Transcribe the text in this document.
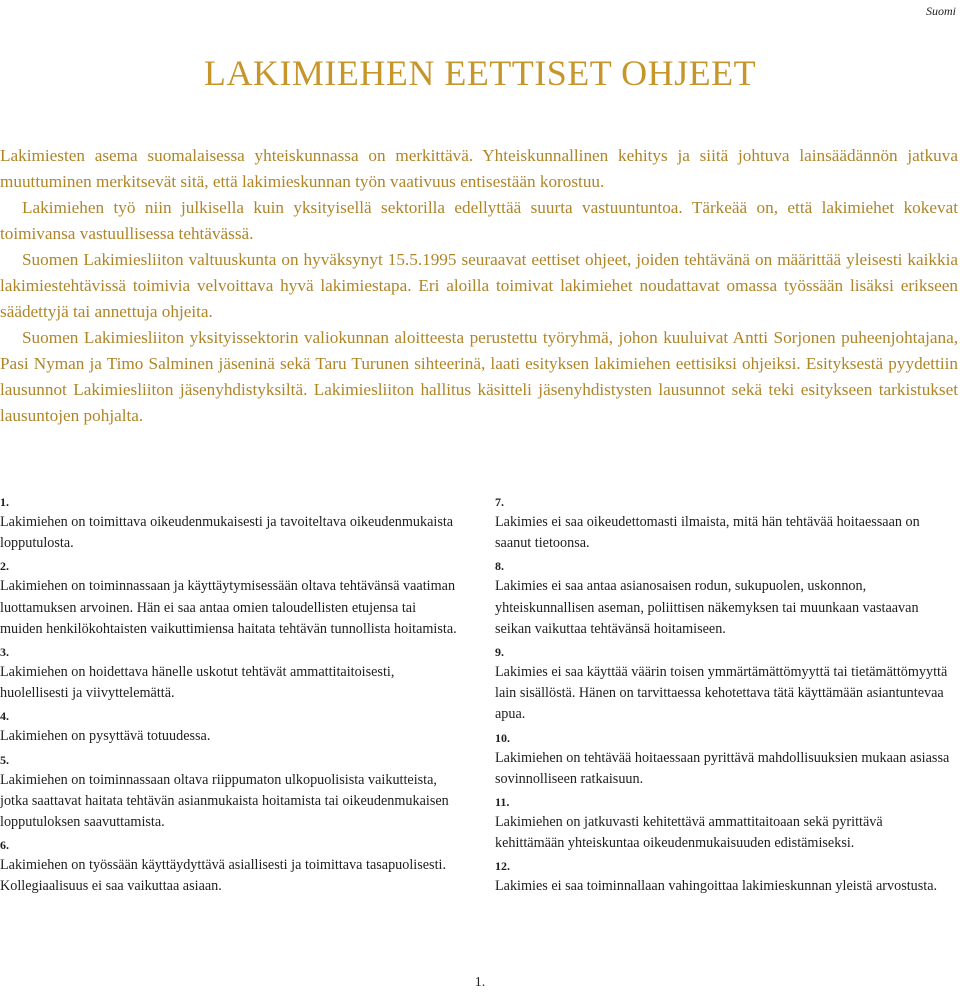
Suomi
LAKIMIEHEN EETTISET OHJEET

Lakimiesten asema suomalaisessa yhteiskunnassa on merkittävä. Yhteiskunnallinen kehitys ja siitä johtuva lainsäädännön jatkuva muuttuminen merkitsevät sitä, että lakimieskunnan työn vaativuus entisestään korostuu.

Lakimiehen työ niin julkisella kuin yksityisellä sektorilla edellyttää suurta vastuuntuntoa. Tärkeää on, että lakimiehet kokevat toimivansa vastuullisessa tehtävässä.

Suomen Lakimiesliiton valtuuskunta on hyväksynyt 15.5.1995 seuraavat eettiset ohjeet, joiden tehtävänä on määrittää yleisesti kaikkia lakimiestehtävissä toimivia velvoittava hyvä lakimiestapa. Eri aloilla toimivat lakimiehet noudattavat omassa työssään lisäksi erikseen säädettyjä tai annettuja ohjeita.

Suomen Lakimiesliiton yksityissektorin valiokunnan aloitteesta perustettu työryhmä, johon kuuluivat Antti Sorjonen puheenjohtajana, Pasi Nyman ja Timo Salminen jäseninä sekä Taru Turunen sihteerinä, laati esityksen lakimiehen eettisiksi ohjeiksi. Esityksestä pyydettiin lausunnot Lakimiesliiton jäsenyhdistyksiltä. Lakimiesliiton hallitus käsitteli jäsenyhdistysten lausunnot sekä teki esitykseen tarkistukset lausuntojen pohjalta.

1.

Lakimiehen on toimittava oikeudenmukaisesti ja tavoiteltava oikeudenmukaista lopputulosta.

2.

Lakimiehen on toiminnassaan ja käyttäytymisessään oltava tehtävänsä vaatiman luottamuksen arvoinen. Hän ei saa antaa omien taloudellisten etujensa tai muiden henkilökohtaisten vaikuttimiensa haitata tehtävän tunnollista hoitamista.

3.

Lakimiehen on hoidettava hänelle uskotut tehtävät ammattitaitoisesti, huolellisesti ja viivyttelemättä.

4.

Lakimiehen on pysyttävä totuudessa.

5.

Lakimiehen on toiminnassaan oltava riippumaton ulkopuolisista vaikutteista, jotka saattavat haitata tehtävän asianmukaista hoitamista tai oikeudenmukaisen lopputuloksen saavuttamista.

6.

Lakimiehen on työssään käyttäydyttävä asiallisesti ja toimittava tasapuolisesti. Kollegiaalisuus ei saa vaikuttaa asiaan.

7.

Lakimies ei saa oikeudettomasti ilmaista, mitä hän tehtävää hoitaessaan on saanut tietoonsa.

8.

Lakimies ei saa antaa asianosaisen rodun, sukupuolen, uskonnon, yhteiskunnallisen aseman, poliittisen näkemyksen tai muunkaan vastaavan seikan vaikuttaa tehtävänsä hoitamiseen.

9.

Lakimies ei saa käyttää väärin toisen ymmärtämättömyyttä tai tietämättömyyttä lain sisällöstä. Hänen on tarvittaessa kehotettava tätä käyttämään asiantuntevaa apua.

10.

Lakimiehen on tehtävää hoitaessaan pyrittävä mahdollisuuksien mukaan asiassa sovinnolliseen ratkaisuun.

11.

Lakimiehen on jatkuvasti kehitettävä ammattitaitoaan sekä pyrittävä kehittämään yhteiskuntaa oikeudenmukaisuuden edistämiseksi.

12.

Lakimies ei saa toiminnallaan vahingoittaa lakimieskunnan yleistä arvostusta.

1.
